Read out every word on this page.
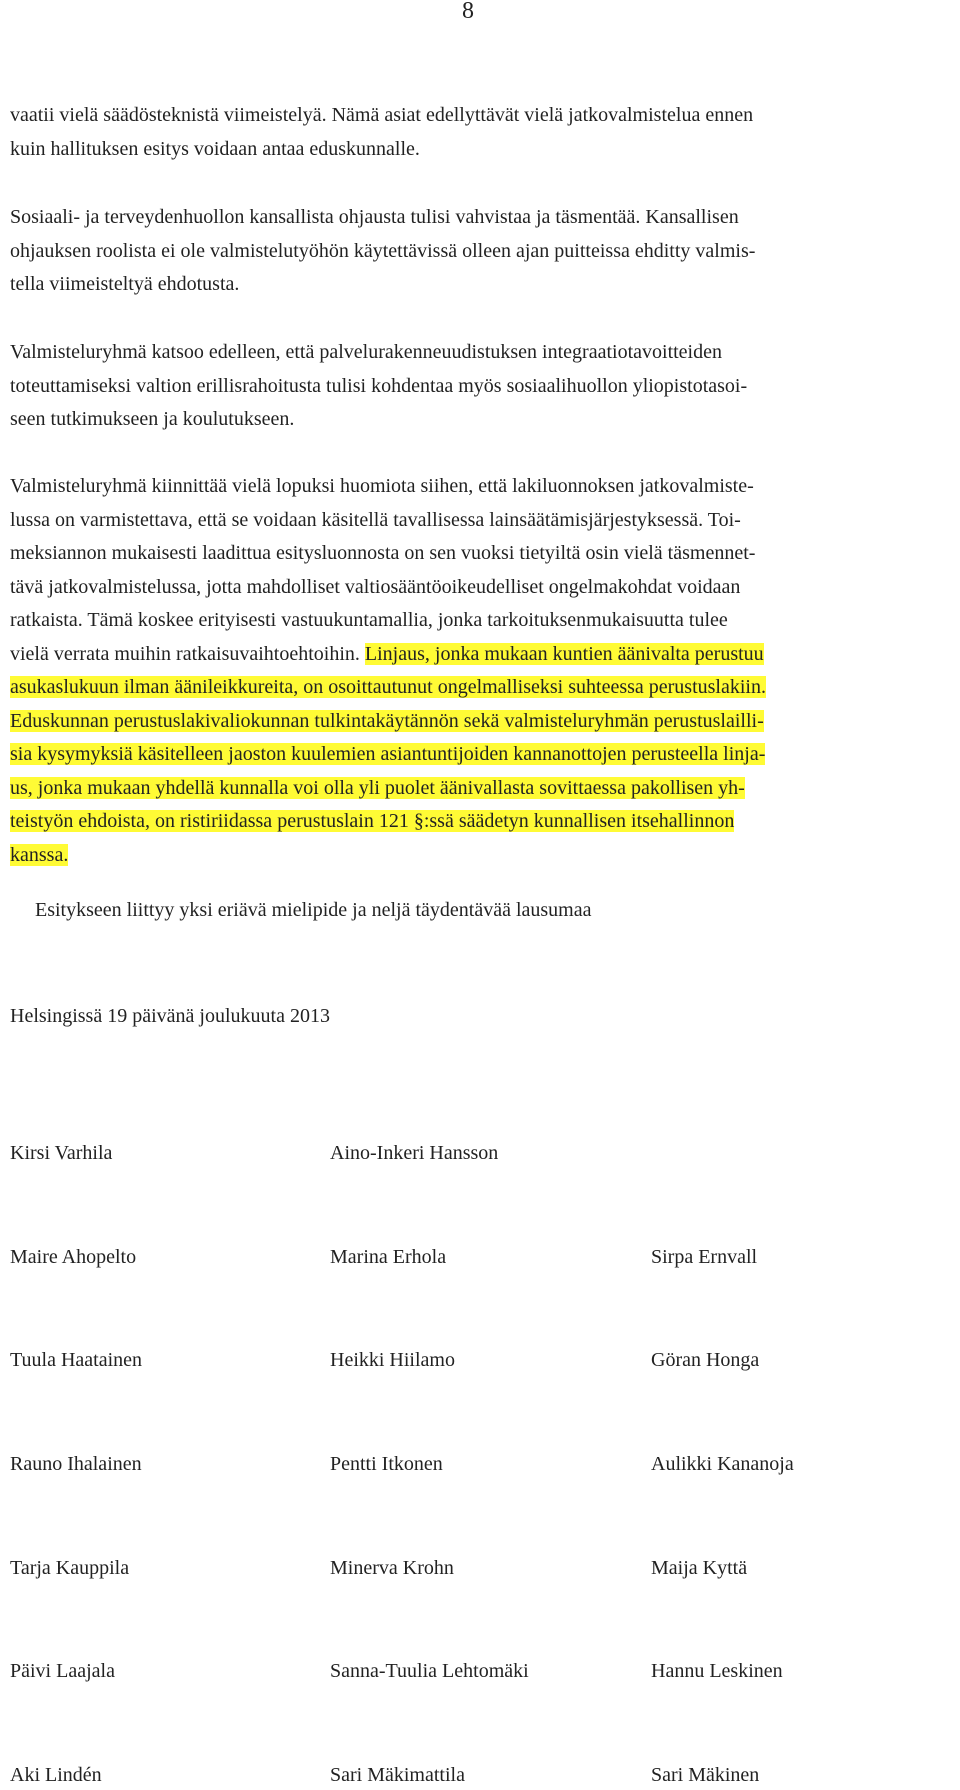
8

vaatii vielä säädösteknistä viimeistelyä. Nämä asiat edellyttävät vielä jatkovalmistelua ennen
kuin hallituksen esitys voidaan antaa eduskunnalle.

Sosiaali- ja terveydenhuollon kansallista ohjausta tulisi vahvistaa ja täsmentää. Kansallisen
ohjauksen roolista ei ole valmistelutyöhön käytettävissä olleen ajan puitteissa ehditty valmis-
tella viimeisteltyä ehdotusta.

Valmisteluryhmä katsoo edelleen, että palvelurakenneuudistuksen integraatiotavoitteiden
toteuttamiseksi valtion erillisrahoitusta tulisi kohdentaa myös sosiaalihuollon yliopistotasoi-
seen tutkimukseen ja koulutukseen.

Valmisteluryhmä kiinnittää vielä lopuksi huomiota siihen, että lakiluonnoksen jatkovalmiste-
lussa on varmistettava, että se voidaan käsitellä tavallisessa lainsäätämisjärjestyksessä. Toi-
meksiannon mukaisesti laadittua esitysluonnosta on sen vuoksi tietyiltä osin vielä täsmennet-
tävä jatkovalmistelussa, jotta mahdolliset valtiosääntöoikeudelliset ongelmakohdat voidaan
ratkaista. Tämä koskee erityisesti vastuukuntamallia, jonka tarkoituksenmukaisuutta tulee
vielä verrata muihin ratkaisuvaihtoehtoihin. Linjaus, jonka mukaan kuntien äänivalta perustuu
asukaslukuun ilman äänileikkureita, on osoittautunut ongelmalliseksi suhteessa perustuslakiin.
Eduskunnan perustuslakivaliokunnan tulkintakäytännön sekä valmisteluryhmän perustuslailli-
sia kysymyksiä käsitelleen jaoston kuulemien asiantuntijoiden kannanottojen perusteella linja-
us, jonka mukaan yhdellä kunnalla voi olla yli puolet äänivallasta sovittaessa pakollisen yh-
teistyön ehdoista, on ristiriidassa perustuslain 121 §:ssä säädetyn kunnallisen itsehallinnon
kanssa.

Esitykseen liittyy yksi eriävä mielipide ja neljä täydentävää lausumaa

Helsingissä 19 päivänä joulukuuta 2013

Kirsi Varhila	Aino-Inkeri Hansson
Maire Ahopelto	Marina Erhola	Sirpa Ernvall
Tuula Haatainen	Heikki Hiilamo	Göran Honga
Rauno Ihalainen	Pentti Itkonen	Aulikki Kananoja
Tarja Kauppila	Minerva Krohn	Maija Kyttä
Päivi Laajala	Sanna-Tuulia Lehtomäki	Hannu Leskinen
Aki Lindén	Sari Mäkimattila	Sari Mäkinen
